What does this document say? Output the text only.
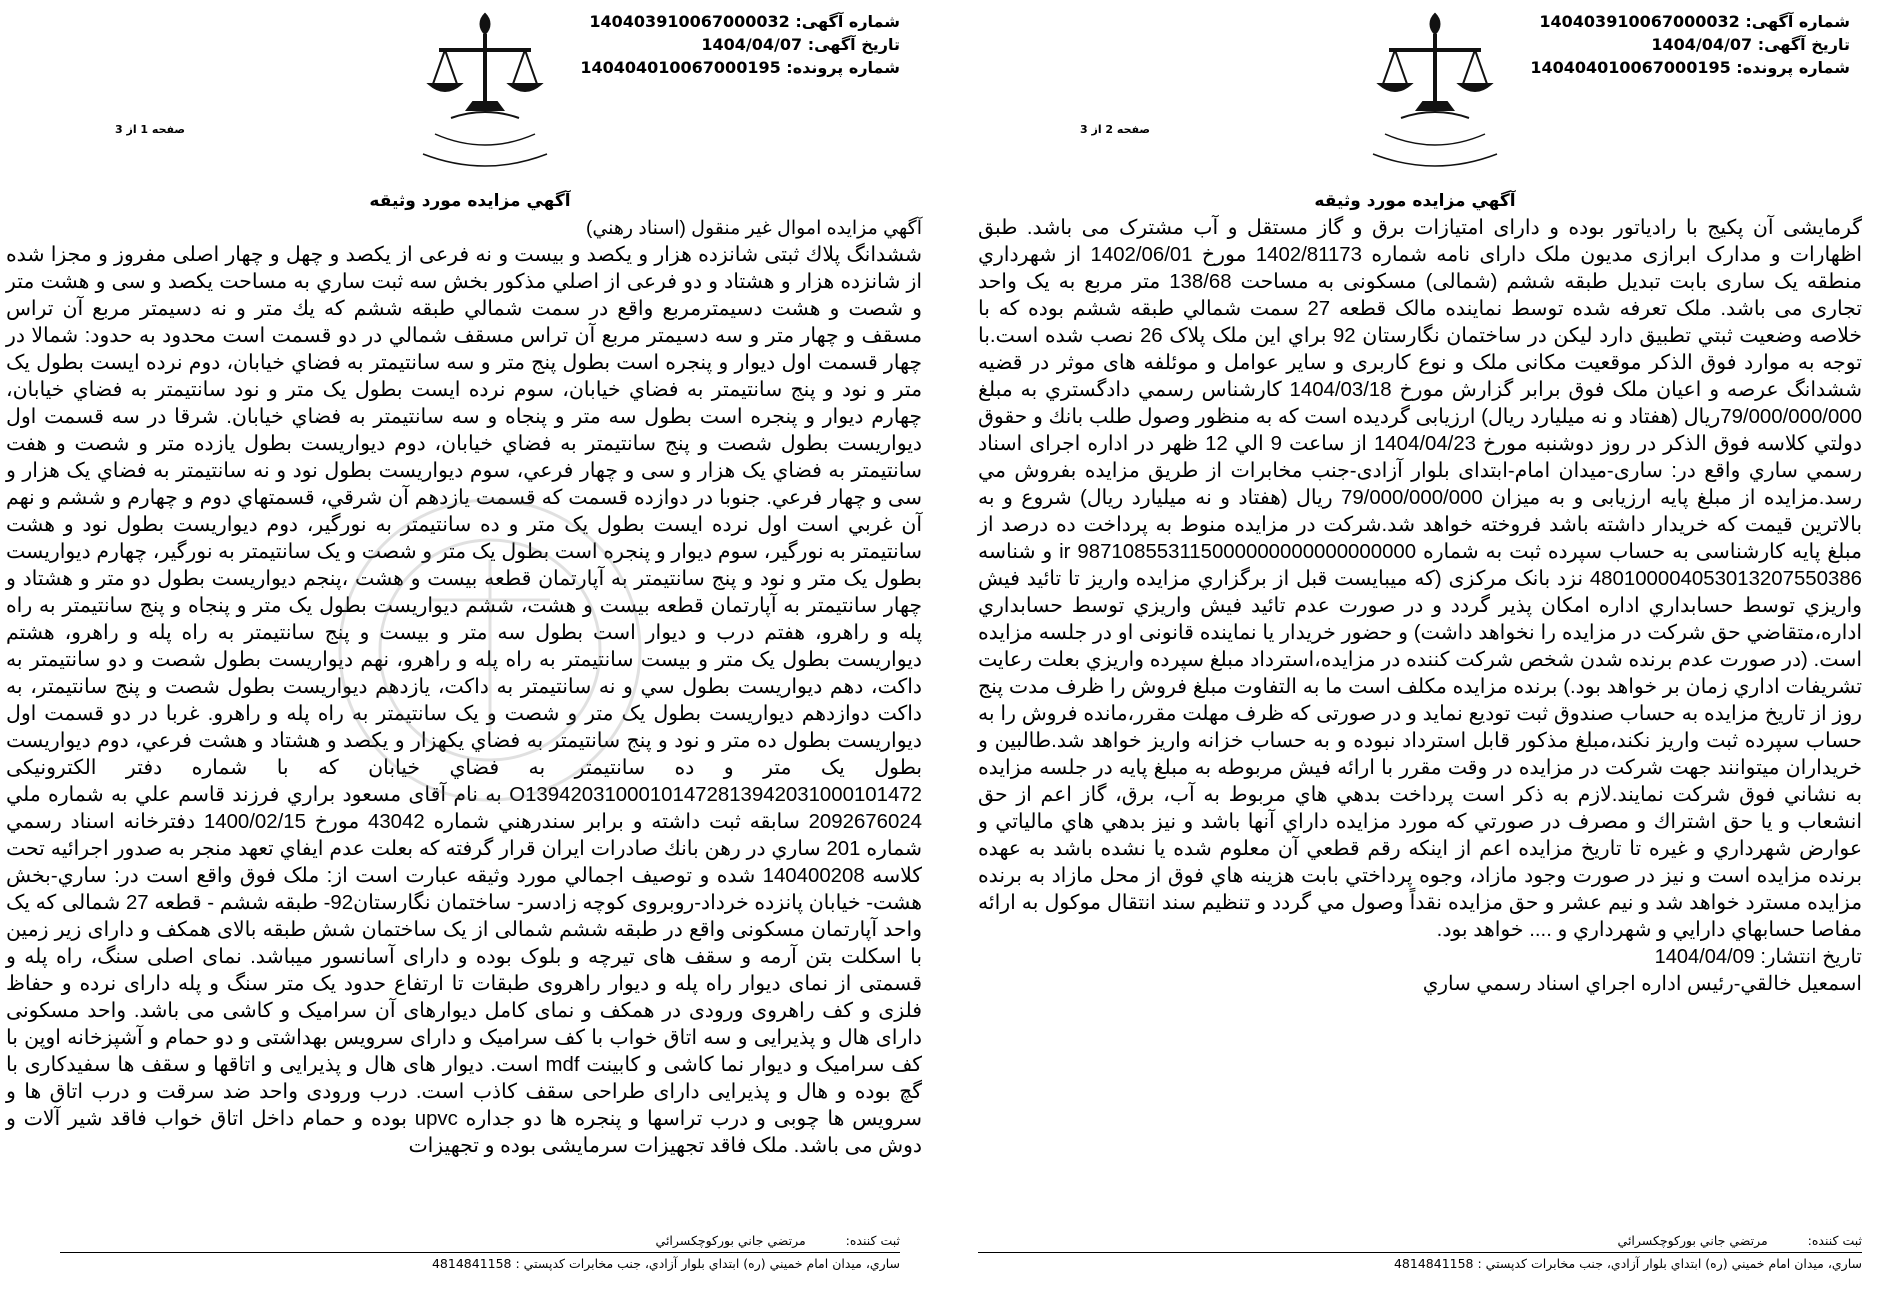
شماره آگهی: 140403910067000032
تاريخ آگهی: 1404/04/07
شماره پرونده: 140404010067000195
صفحه 2 از 3
آگهي مزايده مورد وثيقه

گرمايشی آن پكيج با رادياتور بوده و دارای امتيازات برق و گاز مستقل و آب مشترک می باشد. طبق اظهارات و مدارک ابرازی مديون ملک دارای نامه شماره 1402/81173 مورخ 1402/06/01 از شهرداري منطقه يک ساری بابت تبديل طبقه ششم (شمالی) مسکونی به مساحت 138/68 متر مربع به يک واحد تجاری می باشد. ملک تعرفه شده توسط نماينده مالک قطعه 27 سمت شمالي طبقه ششم بوده که با خلاصه وضعيت ثبتي تطبيق دارد ليکن در ساختمان نگارستان 92 براي اين ملک پلاک 26 نصب شده است.با توجه به موارد فوق الذکر موقعيت مکانی ملک و نوع کاربری و ساير عوامل و موئلفه های موثر در قضيه ششدانگ عرصه و اعيان ملک فوق برابر گزارش مورخ 1404/03/18 کارشناس رسمي دادگستري به مبلغ 79/000/000/000ريال (هفتاد و نه ميليارد ريال) ارزيابی گرديده است که به منظور وصول طلب بانك و حقوق دولتي كلاسه فوق الذكر در روز دوشنبه مورخ 1404/04/23 از ساعت 9 الي 12 ظهر در اداره اجراى اسناد رسمي ساري واقع در: ساری-ميدان امام-ابتدای بلوار آزادی-جنب مخابرات از طريق مزايده بفروش مي رسد.مزايده از مبلغ پايه ارزيابی و به ميزان 79/000/000/000 ريال (هفتاد و نه ميليارد ريال) شروع و به بالاترين قيمت كه خريدار داشته باشد فروخته خواهد شد.شرکت در مزايده منوط به پرداخت ده درصد از مبلغ پايه کارشناسی به حساب سپرده ثبت به شماره ir 987108553115000000000000000000 و شناسه 480100004053013207550386 نزد بانک مرکزی (كه ميبايست قبل از برگزاري مزايده واريز تا تائيد فيش واريزي توسط حسابداري اداره امكان پذير گردد و در صورت عدم تائيد فيش واريزي توسط حسابداري اداره،متقاضي حق شركت در مزايده را نخواهد داشت) و حضور خريدار يا نماينده قانونی او در جلسه مزايده است. (در صورت عدم برنده شدن شخص شركت كننده در مزايده،استرداد مبلغ سپرده واريزي بعلت رعايت تشريفات اداري زمان بر خواهد بود.) برنده مزايده مکلف است ما به التفاوت مبلغ فروش را ظرف مدت پنج روز از تاريخ مزايده به حساب صندوق ثبت توديع نمايد و در صورتی که ظرف مهلت مقرر،مانده فروش را به حساب سپرده ثبت واريز نکند،مبلغ مذكور قابل استرداد نبوده و به حساب خزانه واريز خواهد شد.طالبين و خريداران ميتوانند جهت شرکت در مزايده در وقت مقرر با ارائه فيش مربوطه به مبلغ پايه در جلسه مزايده به نشاني فوق شركت نمايند.لازم به ذكر است پرداخت بدهي هاي مربوط به آب، برق، گاز اعم از حق انشعاب و يا حق اشتراك و مصرف در صورتي كه مورد مزايده داراي آنها باشد و نيز بدهي هاي مالياتي و عوارض شهرداري و غيره تا تاريخ مزايده اعم از اينكه رقم قطعي آن معلوم شده يا نشده باشد به عهده برنده مزايده است و نيز در صورت وجود مازاد، وجوه پرداختي بابت هزينه هاي فوق از محل مازاد به برنده مزايده مسترد خواهد شد و نيم عشر و حق مزايده نقداً وصول مي گردد و تنظيم سند انتقال موكول به ارائه مفاصا حسابهاي دارايي و شهرداري و .... خواهد بود.

تاريخ انتشار: 1404/04/09
اسمعيل خالقي-رئيس اداره اجراي اسناد رسمي ساري
ثبت كننده:
مرتضي جاني بوركوچكسرائي
ساري، ميدان امام خميني (ره) ابتداي بلوار آزادي، جنب مخابرات كدپستي : 4814841158
شماره آگهی: 140403910067000032
تاريخ آگهی: 1404/04/07
شماره پرونده: 140404010067000195
صفحه 1 از 3
آگهي مزايده مورد وثيقه

آگهي مزايده اموال غير منقول (اسناد رهني)

ششدانگ پلاك ثبتی شانزده هزار و يكصد و بيست و نه فرعى از يكصد و چهل و چهار اصلى مفروز و مجزا شده از شانزده هزار و هشتاد و دو فرعى از اصلي مذكور بخش سه ثبت ساري به مساحت يكصد و سى و هشت متر و شصت و هشت دسيمترمربع واقع در سمت شمالي طبقه ششم كه يك متر و نه دسيمتر مربع آن تراس مسقف و چهار متر و سه دسيمتر مربع آن تراس مسقف شمالي در دو قسمت است محدود به حدود: شمالا در چهار قسمت اول ديوار و پنجره است بطول پنج متر و سه سانتيمتر به فضاي خيابان، دوم نرده ايست بطول يک متر و نود و پنج سانتيمتر به فضاي خيابان، سوم نرده ايست بطول يک متر و نود سانتيمتر به فضاي خيابان، چهارم ديوار و پنجره است بطول سه متر و پنجاه و سه سانتيمتر به فضاي خيابان. شرقا در سه قسمت اول ديواريست بطول شصت و پنج سانتيمتر به فضاي خيابان، دوم ديواريست بطول يازده متر و شصت و هفت سانتيمتر به فضاي يک هزار و سی و چهار فرعي، سوم ديواريست بطول نود و نه سانتيمتر به فضاي يک هزار و سی و چهار فرعي. جنوبا در دوازده قسمت كه قسمت يازدهم آن شرقي، قسمتهاي دوم و چهارم و ششم و نهم آن غربي است اول نرده ايست بطول يک متر و ده سانتيمتر به نورگير، دوم ديواريست بطول نود و هشت سانتيمتر به نورگير، سوم ديوار و پنجره است بطول يک متر و شصت و يک سانتيمتر به نورگير، چهارم ديواريست بطول يک متر و نود و پنج سانتيمتر به آپارتمان قطعه بيست و هشت ،پنجم ديواريست بطول دو متر و هشتاد و چهار سانتيمتر به آپارتمان قطعه بيست و هشت، ششم ديواريست بطول يک متر و پنجاه و پنج سانتيمتر به راه پله و راهرو، هفتم درب و ديوار است بطول سه متر و بيست و پنج سانتيمتر به راه پله و راهرو، هشتم ديواريست بطول يک متر و بيست سانتيمتر به راه پله و راهرو، نهم ديواريست بطول شصت و دو سانتيمتر به داكت، دهم ديواريست بطول سي و نه سانتيمتر به داكت، يازدهم ديواريست بطول شصت و پنج سانتيمتر، به داكت دوازدهم ديواريست بطول يک متر و شصت و يک سانتيمتر به راه پله و راهرو. غربا در دو قسمت اول ديواريست بطول ده متر و نود و پنج سانتيمتر به فضاي يكهزار و يكصد و هشتاد و هشت فرعي، دوم ديواريست بطول يک متر و ده سانتيمتر به فضاي خيابان كه با شماره دفتر الكترونيكى O13942031000101472813942031000101472 به نام آقاى مسعود براري فرزند قاسم علي به شماره ملي 2092676024 سابقه ثبت داشته و برابر سندرهني شماره 43042 مورخ 1400/02/15 دفترخانه اسناد رسمي شماره 201 ساري در رهن بانك صادرات ايران قرار گرفته كه بعلت عدم ايفاي تعهد منجر به صدور اجرائيه تحت كلاسه 140400208 شده و توصيف اجمالي مورد وثيقه عبارت است از: ملک فوق واقع است در: ساري-بخش هشت- خيابان پانزده خرداد-روبروی كوچه زادسر- ساختمان نگارستان92- طبقه ششم - قطعه 27 شمالی که يک واحد آپارتمان مسکونی واقع در طبقه ششم شمالی از يک ساختمان شش طبقه بالای همکف و دارای زير زمين با اسکلت بتن آرمه و سقف های تيرچه و بلوک بوده و دارای آسانسور ميباشد. نمای اصلی سنگ، راه پله و قسمتی از نمای ديوار راه پله و ديوار راهروی طبقات تا ارتفاع حدود يک متر سنگ و پله دارای نرده و حفاظ فلزی و کف راهروی ورودی در همکف و نمای کامل ديوارهای آن سراميک و کاشی می باشد. واحد مسکونی دارای هال و پذيرايی و سه اتاق خواب با کف سراميک و دارای سرويس بهداشتی و دو حمام و آشپزخانه اوپن با کف سراميک و ديوار نما کاشی و کابينت mdf است. ديوار های هال و پذيرايی و اتاقها و سقف ها سفيدکاری با گچ بوده و هال و پذيرايی دارای طراحی سقف کاذب است. درب ورودی واحد ضد سرقت و درب اتاق ها و سرويس ها چوبی و درب تراسها و پنجره ها دو جداره upvc بوده و حمام داخل اتاق خواب فاقد شير آلات و دوش می باشد. ملک فاقد تجهيزات سرمايشی بوده و تجهيزات

ثبت كننده:
مرتضي جاني بوركوچكسرائي
ساري، ميدان امام خميني (ره) ابتداي بلوار آزادي، جنب مخابرات كدپستي : 4814841158
